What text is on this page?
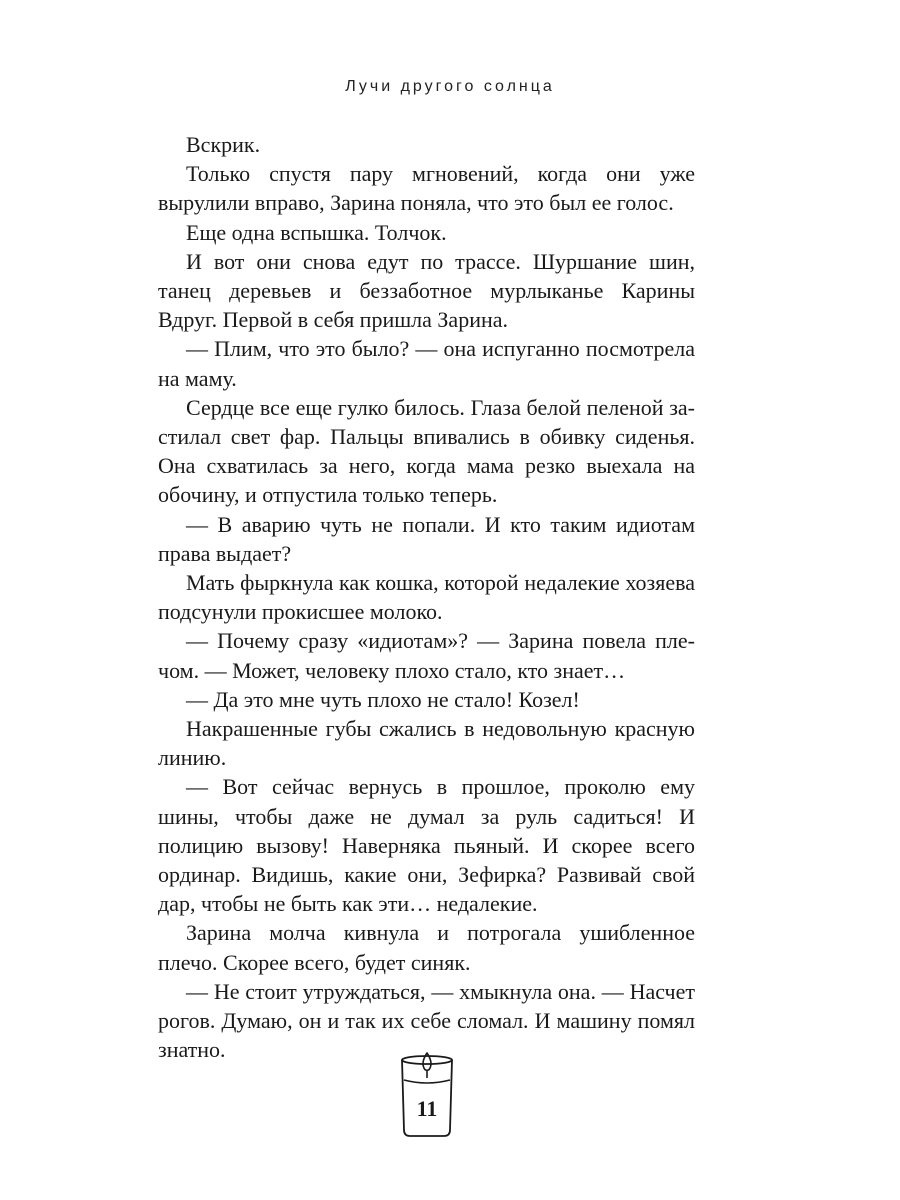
Лучи другого солнца

Вскрик.

Только спустя пару мгновений, когда они уже вырулили вправо, Зарина поняла, что это был ее голос.

Еще одна вспышка. Толчок.

И вот они снова едут по трассе. Шуршание шин, танец деревьев и беззаботное мурлыканье Карины Вдруг. Первой в себя пришла Зарина.

— Плим, что это было? — она испуганно посмотрела на маму.

Сердце все еще гулко билось. Глаза белой пеленой застилал свет фар. Пальцы впивались в обивку сиденья. Она схватилась за него, когда мама резко выехала на обочину, и отпустила только теперь.

— В аварию чуть не попали. И кто таким идиотам права выдает?

Мать фыркнула как кошка, которой недалекие хозяева подсунули прокисшее молоко.

— Почему сразу «идиотам»? — Зарина повела плечом. — Может, человеку плохо стало, кто знает…

— Да это мне чуть плохо не стало! Козел!

Накрашенные губы сжались в недовольную красную линию.

— Вот сейчас вернусь в прошлое, проколю ему шины, чтобы даже не думал за руль садиться! И полицию вызову! Наверняка пьяный. И скорее всего ординар. Видишь, какие они, Зефирка? Развивай свой дар, чтобы не быть как эти… недалекие.

Зарина молча кивнула и потрогала ушибленное плечо. Скорее всего, будет синяк.

— Не стоит утруждаться, — хмыкнула она. — Насчет рогов. Думаю, он и так их себе сломал. И машину помял знатно.

11
